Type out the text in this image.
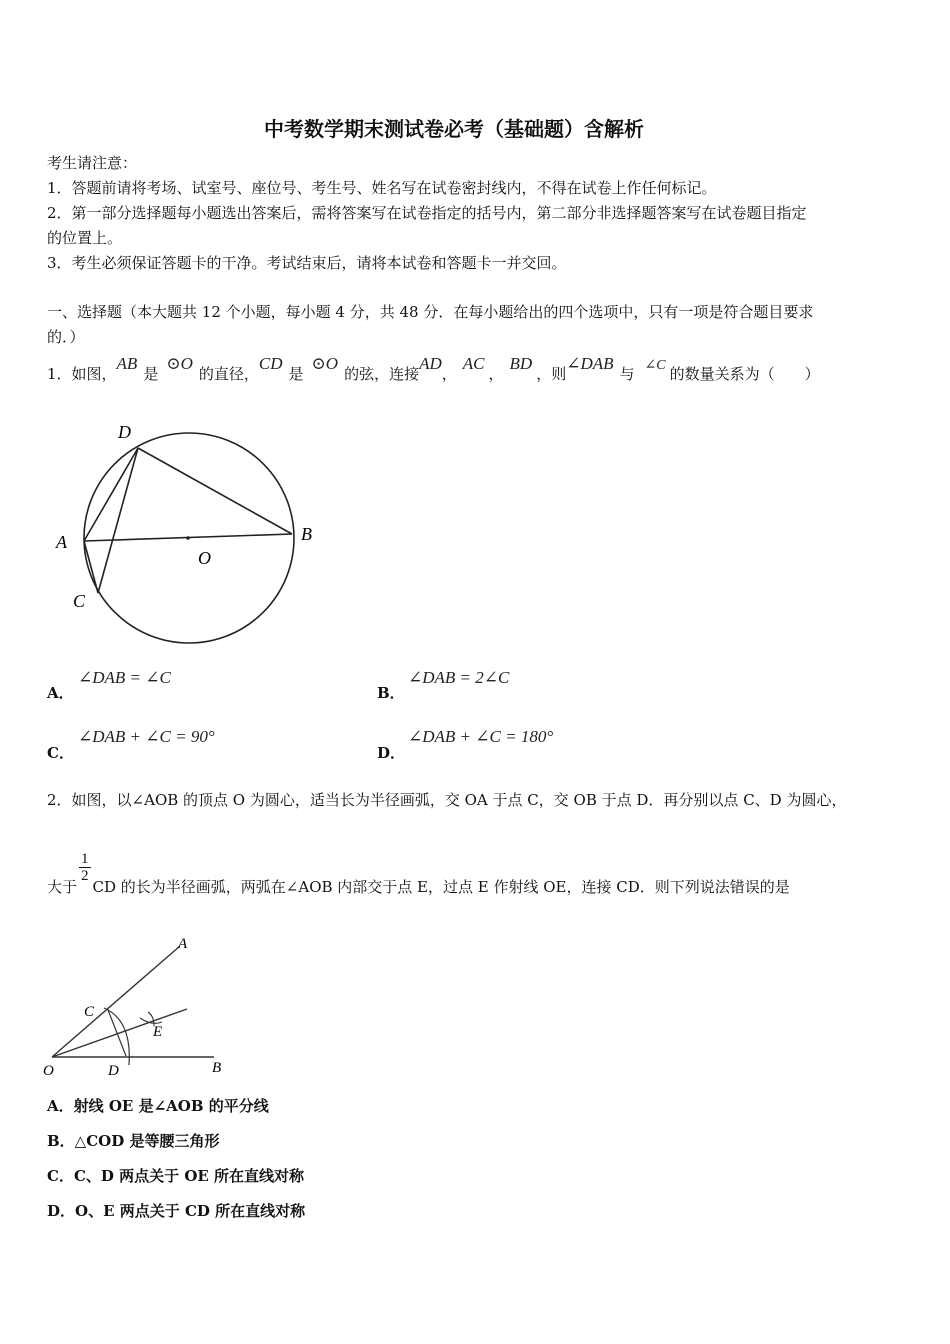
中考数学期末测试卷必考（基础题）含解析
考生请注意：
1．答题前请将考场、试室号、座位号、考生号、姓名写在试卷密封线内，不得在试卷上作任何标记。
2．第一部分选择题每小题选出答案后，需将答案写在试卷指定的括号内，第二部分非选择题答案写在试卷题目指定
的位置上。
3．考生必须保证答题卡的干净。考试结束后，请将本试卷和答题卡一并交回。
一、选择题（本大题共 12 个小题，每小题 4 分，共 48 分．在每小题给出的四个选项中，只有一项是符合题目要求
的．）
1．如图，AB是⊙O的直径，CD是⊙O的弦，连接AD，AC，BD，则∠DAB与 ∠C 的数量关系为（　　）
D
A	B
O
C
A．
∠DAB = ∠C
B．
∠DAB = 2∠C
C．
∠DAB + ∠C = 90°
D．
∠DAB + ∠C = 180°
2．如图，以∠AOB 的顶点 O 为圆心，适当长为半径画弧，交 OA 于点 C，交 OB 于点 D．再分别以点 C、D 为圆心，
大于
$\frac{1}{2}$
CD 的长为半径画弧，两弧在∠AOB 内部交于点 E，过点 E 作射线 OE，连接 CD．则下列说法错误的是
A
C
E
O	D	B
A．射线 OE 是∠AOB 的平分线
B．△COD 是等腰三角形
C．C、D 两点关于 OE 所在直线对称
D．O、E 两点关于 CD 所在直线对称
